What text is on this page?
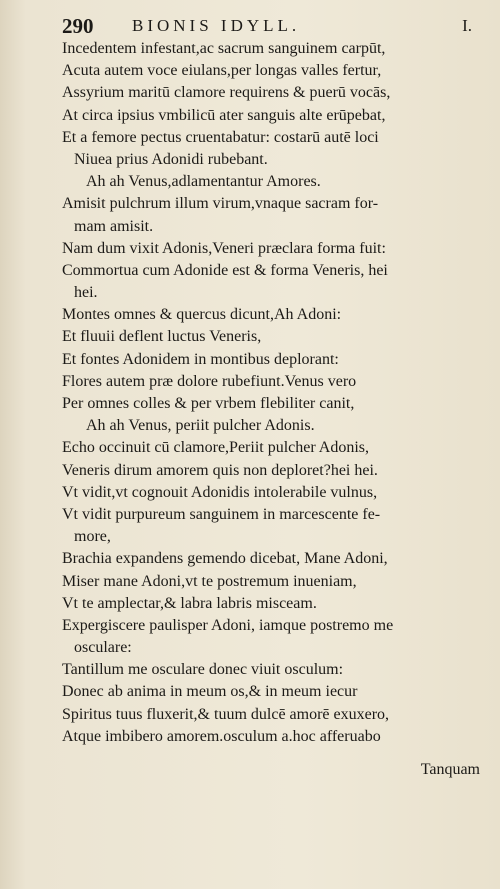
290 BIONIS IDYLL.	I.
Incedentem infestant,ac sacrum sanguinem carpūt,
Acuta autem voce eiulans,per longas valles fertur,
Assyrium maritū clamore requirens & puerū vocās,
At circa ipsius vmbilicū ater sanguis alte erūpebat,
Et a femore pectus cruentabatur: costarū autē loci
Niuea prius Adonidi rubebant.
Ah ah Venus,adlamentantur Amores.
Amisit pulchrum illum virum,vnaque sacram for-
mam amisit.
Nam dum vixit Adonis,Veneri præclara forma fuit:
Commortua cum Adonide est & forma Veneris, hei
hei.
Montes omnes & quercus dicunt,Ah Adoni:
Et fluuii deflent luctus Veneris,
Et fontes Adonidem in montibus deplorant:
Flores autem præ dolore rubefiunt.Venus vero
Per omnes colles & per vrbem flebiliter canit,
Ah ah Venus, periit pulcher Adonis.
Echo occinuit cū clamore,Periit pulcher Adonis,
Veneris dirum amorem quis non deploret?hei hei.
Vt vidit,vt cognouit Adonidis intolerabile vulnus,
Vt vidit purpureum sanguinem in marcescente fe-
more,
Brachia expandens gemendo dicebat, Mane Adoni,
Miser mane Adoni,vt te postremum inueniam,
Vt te amplectar,& labra labris misceam.
Expergiscere paulisper Adoni, iamque postremo me
osculare:
Tantillum me osculare donec viuit osculum:
Donec ab anima in meum os,& in meum iecur
Spiritus tuus fluxerit,& tuum dulcē amorē exuxero,
Atque imbibero amorem.osculum a.hoc afferuabo
Tanquam
